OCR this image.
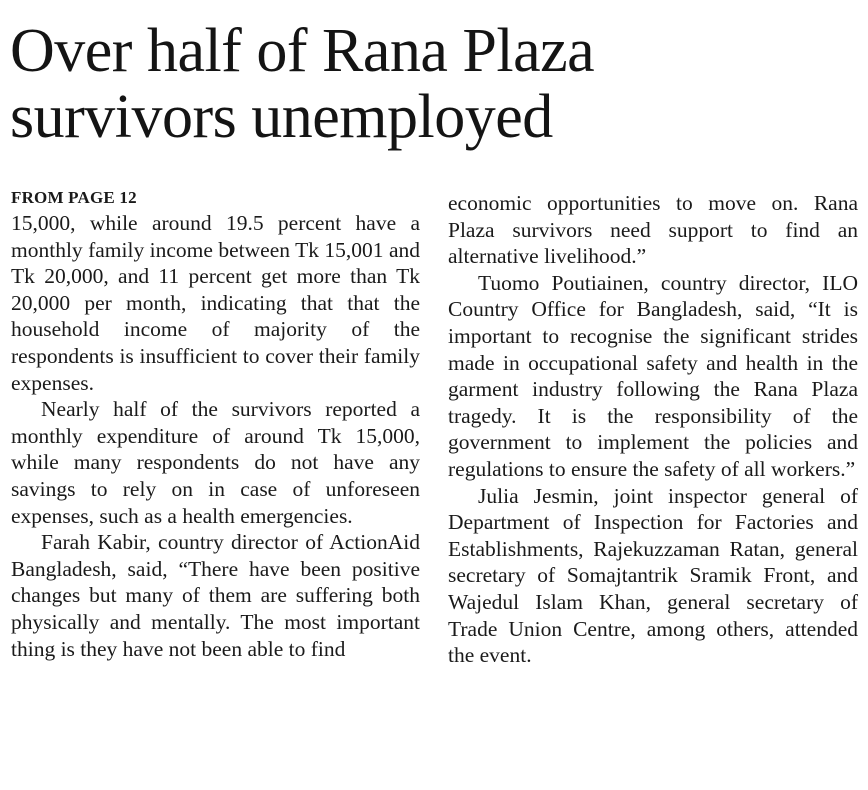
Over half of Rana Plaza
survivors unemployed
FROM PAGE 12

15,000, while around 19.5 percent have a monthly family income between Tk 15,001 and Tk 20,000, and 11 percent get more than Tk 20,000 per month, indicating that that the household income of majority of the respondents is insufficient to cover their family expenses.

Nearly half of the survivors reported a monthly expenditure of around Tk 15,000, while many respondents do not have any savings to rely on in case of unforeseen expenses, such as a health emergencies.

Farah Kabir, country director of ActionAid Bangladesh, said, “There have been positive changes but many of them are suffering both physically and mentally. The most important thing is they have not been able to find

economic opportunities to move on. Rana Plaza survivors need support to find an alternative livelihood.”

Tuomo Poutiainen, country director, ILO Country Office for Bangladesh, said, “It is important to recognise the significant strides made in occupational safety and health in the garment industry following the Rana Plaza tragedy. It is the responsibility of the government to implement the policies and regulations to ensure the safety of all workers.”

Julia Jesmin, joint inspector general of Department of Inspection for Factories and Establishments, Rajekuzzaman Ratan, general secretary of Somajtantrik Sramik Front, and Wajedul Islam Khan, general secretary of Trade Union Centre, among others, attended the event.
